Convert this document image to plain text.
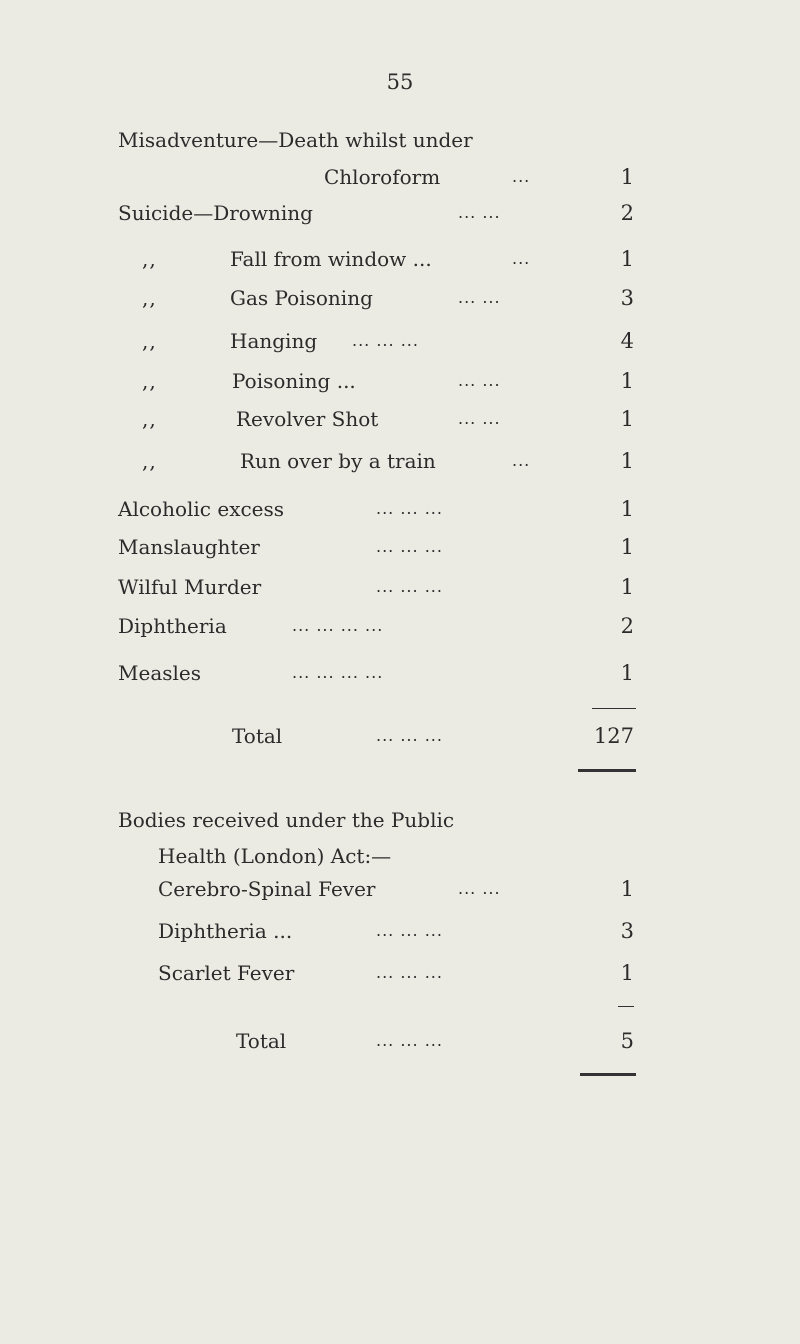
55
Misadventure—Death whilst under
Chloroform	...	1
Suicide—Drowning	... ...	2
,,	Fall from window ...	...	1
,,	Gas Poisoning	... ...	3
,,	Hanging ... ... ...	4
,,	Poisoning ...	... ...	1
,,	Revolver Shot	... ...	1
,,	Run over by a train	...	1
Alcoholic excess	... ... ...	1
Manslaughter	... ... ...	1
Wilful Murder	... ... ...	1
Diphtheria	... ... ... ...	2
Measles	... ... ... ...	1
Total	... ... ...	127
Bodies received under the Public
Health (London) Act:—
Cerebro-Spinal Fever	... ...	1
Diphtheria ...	... ... ...	3
Scarlet Fever	... ... ...	1
Total	... ... ...	5
